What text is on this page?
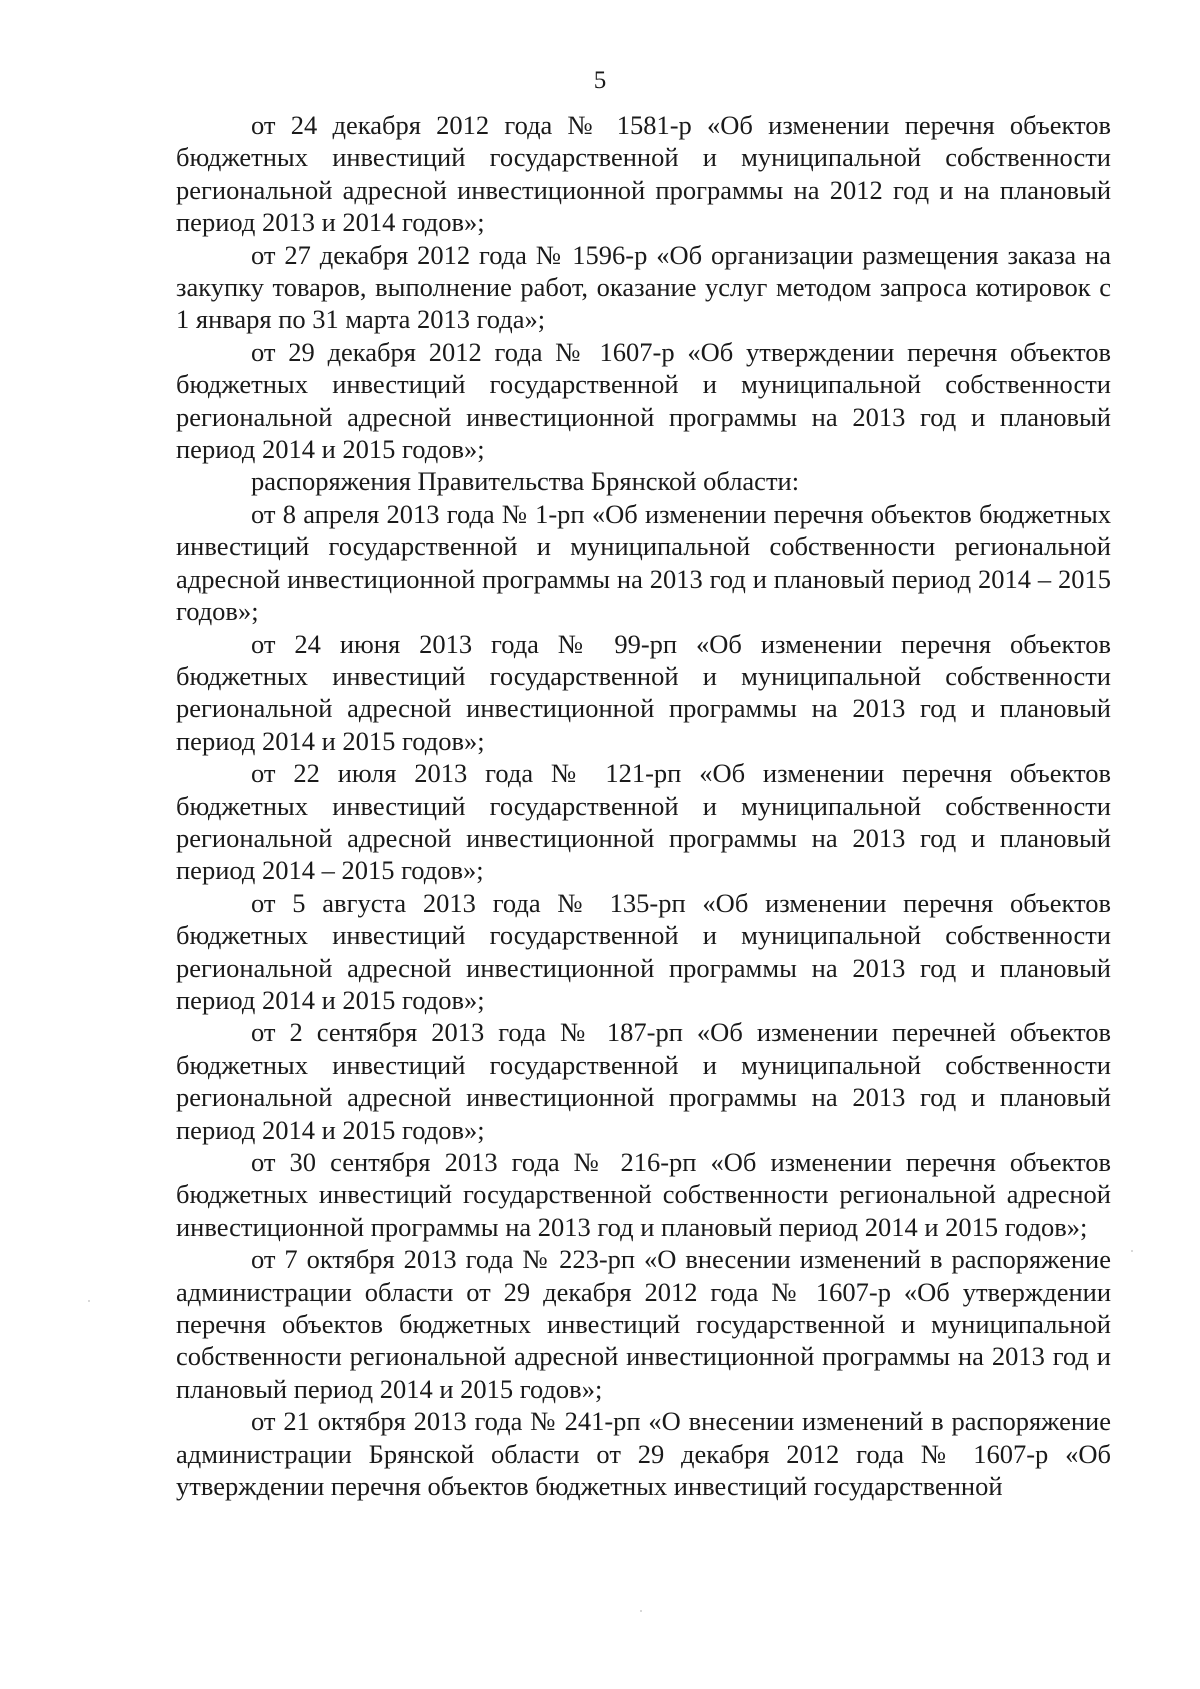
5

от 24 декабря 2012 года № 1581-р «Об изменении перечня объектов бюджетных инвестиций государственной и муниципальной собственности региональной адресной инвестиционной программы на 2012 год и на плановый период 2013 и 2014 годов»;

от 27 декабря 2012 года № 1596-р «Об организации размещения заказа на закупку товаров, выполнение работ, оказание услуг методом запроса котировок с 1 января по 31 марта 2013 года»;

от 29 декабря 2012 года № 1607-р «Об утверждении перечня объектов бюджетных инвестиций государственной и муниципальной собственности региональной адресной инвестиционной программы на 2013 год и плановый период 2014 и 2015 годов»;

распоряжения Правительства Брянской области:

от 8 апреля 2013 года № 1-рп «Об изменении перечня объектов бюджетных инвестиций государственной и муниципальной собственности региональной адресной инвестиционной программы на 2013 год и плановый период 2014 – 2015 годов»;

от 24 июня 2013 года № 99-рп «Об изменении перечня объектов бюджетных инвестиций государственной и муниципальной собственности региональной адресной инвестиционной программы на 2013 год и плановый период 2014 и 2015 годов»;

от 22 июля 2013 года № 121-рп «Об изменении перечня объектов бюджетных инвестиций государственной и муниципальной собственности региональной адресной инвестиционной программы на 2013 год и плановый период 2014 – 2015 годов»;

от 5 августа 2013 года № 135-рп «Об изменении перечня объектов бюджетных инвестиций государственной и муниципальной собственности региональной адресной инвестиционной программы на 2013 год и плановый период 2014 и 2015 годов»;

от 2 сентября 2013 года № 187-рп «Об изменении перечней объектов бюджетных инвестиций государственной и муниципальной собственности региональной адресной инвестиционной программы на 2013 год и плановый период 2014 и 2015 годов»;

от 30 сентября 2013 года № 216-рп «Об изменении перечня объектов бюджетных инвестиций государственной собственности региональной адресной инвестиционной программы на 2013 год и плановый период 2014 и 2015 годов»;

от 7 октября 2013 года № 223-рп «О внесении изменений в распоряжение администрации области от 29 декабря 2012 года № 1607-р «Об утверждении перечня объектов бюджетных инвестиций государственной и муниципальной собственности региональной адресной инвестиционной программы на 2013 год и плановый период 2014 и 2015 годов»;

от 21 октября 2013 года № 241-рп «О внесении изменений в распоряжение администрации Брянской области от 29 декабря 2012 года № 1607-р «Об утверждении перечня объектов бюджетных инвестиций государственной
